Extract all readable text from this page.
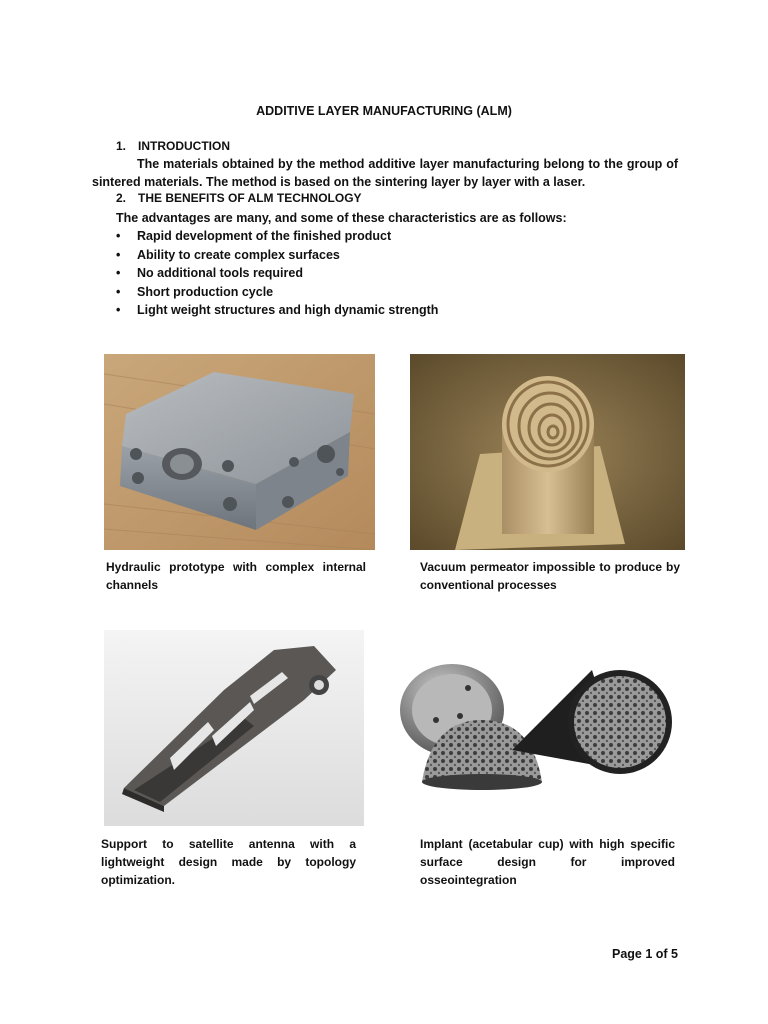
ADDITIVE LAYER MANUFACTURING (ALM)
1. INTRODUCTION
The materials obtained by the method additive layer manufacturing belong to the group of sintered materials. The method is based on the sintering layer by layer with a laser.
2. THE BENEFITS OF ALM TECHNOLOGY
The advantages are many, and some of these characteristics are as follows:
• Rapid development of the finished product
• Ability to create complex surfaces
• No additional tools required
• Short production cycle
• Light weight structures and high dynamic strength
Hydraulic prototype with complex internal channels
Vacuum permeator impossible to produce by conventional processes
Support to satellite antenna with a lightweight design made by topology optimization.
Implant (acetabular cup) with high specific surface design for improved osseointegration
Page 1 of 5
